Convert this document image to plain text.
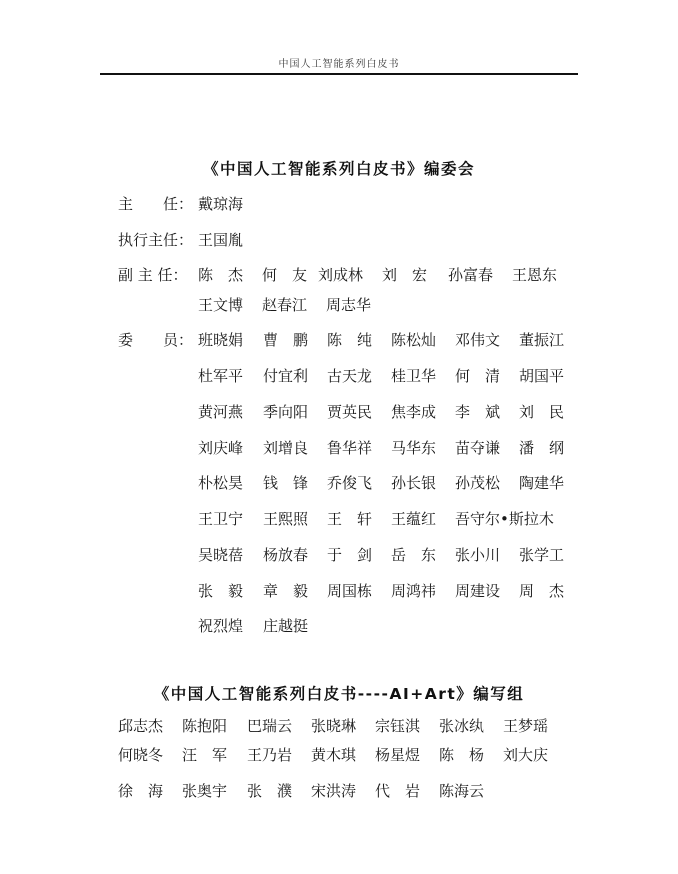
中国人工智能系列白皮书
《中国人工智能系列白皮书》编委会
主　　任： 戴琼海
执行主任： 王国胤
副 主 任： 陈　杰 何　友 刘成林 刘　宏 孙富春 王恩东
王文博 赵春江 周志华
委　　员： 班晓娟 曹　鹏 陈　纯 陈松灿 邓伟文 董振江
杜军平 付宜利 古天龙 桂卫华 何　清 胡国平
黄河燕 季向阳 贾英民 焦李成 李　斌 刘　民
刘庆峰 刘增良 鲁华祥 马华东 苗夺谦 潘　纲
朴松昊 钱　锋 乔俊飞 孙长银 孙茂松 陶建华
王卫宁 王熙照 王　轩 王蕴红 吾守尔•斯拉木
吴晓蓓 杨放春 于　剑 岳　东 张小川 张学工
张　毅 章　毅 周国栋 周鸿祎 周建设 周　杰
祝烈煌 庄越挺
《中国人工智能系列白皮书----AI+Art》编写组
邱志杰 陈抱阳 巴瑞云 张晓琳 宗钰淇 张冰纨 王梦瑶
何晓冬 汪　军 王乃岩 黄木琪 杨星煜 陈　杨 刘大庆
徐　海 张奥宇 张　濮 宋洪涛 代　岩 陈海云
